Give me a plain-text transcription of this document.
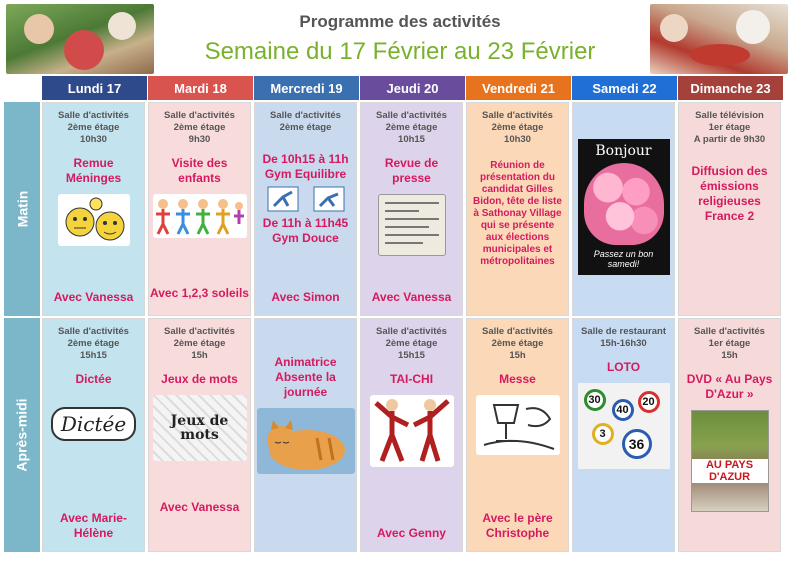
Programme des activités
Semaine du 17 Février au 23 Février
Matin
Après-midi
Lundi 17
Salle d'activités
2ème étage
10h30
Remue Méninges
Avec Vanessa
Salle d'activités
2ème étage
15h15
Dictée
Dictée
Avec Marie-Hélène
Mardi 18
Salle d'activités
2ème étage
9h30
Visite des enfants
Avec 1,2,3 soleils
Salle d'activités
2ème étage
15h
Jeux de mots
Jeux de mots
Avec Vanessa
Mercredi 19
Salle d'activités
2ème étage
De 10h15 à 11h Gym Equilibre
De 11h à 11h45 Gym Douce
Avec Simon
Animatrice Absente la journée
Jeudi 20
Salle d'activités
2ème étage
10h15
Revue de presse
Avec Vanessa
Salle d'activités
2ème étage
15h15
TAI-CHI
Avec Genny
Vendredi 21
Salle d'activités
2ème étage
10h30
Réunion de présentation du candidat Gilles Bidon, tête de liste à Sathonay Village qui se présente aux élections municipales et métropolitaines
Salle d'activités
2ème étage
15h
Messe
Avec le père Christophe
Samedi 22
Bonjour
Passez un bon samedi!
Salle de restaurant
15h-16h30
LOTO
30	20
40
3
36
Dimanche 23
Salle télévision
1er étage
A partir de 9h30
Diffusion des émissions religieuses France 2
Salle d'activités
1er étage
15h
DVD « Au Pays D'Azur »
AU PAYS D'AZUR
